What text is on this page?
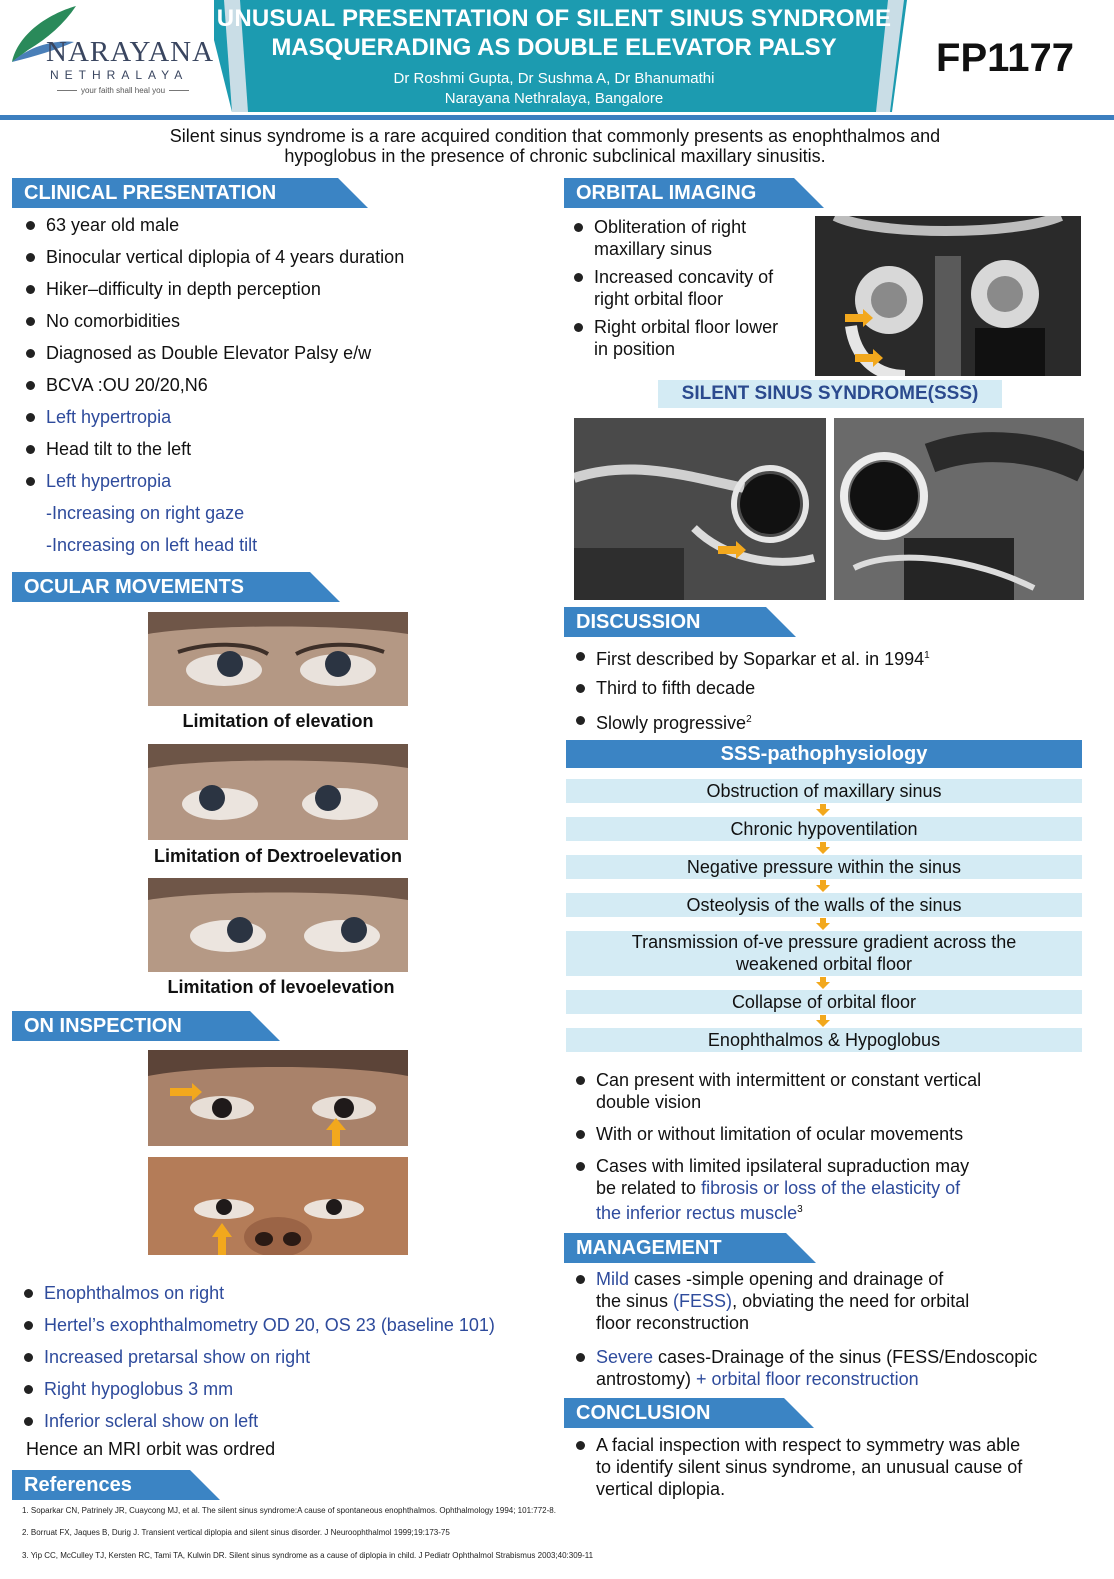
NARAYANA
NETHRALAYA
your faith shall heal you
UNUSUAL PRESENTATION OF SILENT SINUS SYNDROME
MASQUERADING AS DOUBLE ELEVATOR PALSY
Dr Roshmi Gupta, Dr Sushma A, Dr Bhanumathi
Narayana Nethralaya, Bangalore
FP1177
Silent sinus syndrome is a rare acquired condition that commonly presents as enophthalmos and
hypoglobus in the presence of chronic subclinical maxillary sinusitis.
CLINICAL PRESENTATION
63 year old male
Binocular vertical diplopia of 4 years duration
Hiker–difficulty in depth perception
No comorbidities
Diagnosed as Double Elevator Palsy e/w
BCVA :OU 20/20,N6
Left hypertropia
Head tilt to the left
Left hypertropia
-Increasing on right gaze
-Increasing on left head tilt
OCULAR MOVEMENTS
Limitation of elevation
Limitation of Dextroelevation
Limitation of levoelevation
ON INSPECTION
Enophthalmos on right
Hertel’s exophthalmometry OD 20, OS 23 (baseline 101)
Increased pretarsal show on right
Right hypoglobus 3 mm
Inferior scleral show on left
Hence an MRI orbit was ordred
References
1. Soparkar CN, Patrinely JR, Cuaycong MJ, et al. The silent sinus syndrome:A cause of spontaneous enophthalmos. Ophthalmology 1994; 101:772-8.
2. Borruat FX, Jaques B, Durig J. Transient vertical diplopia and silent sinus disorder. J Neuroophthalmol 1999;19:173-75
3. Yip CC, McCulley TJ, Kersten RC, Tami TA, Kulwin DR. Silent sinus syndrome as a cause of diplopia in child. J Pediatr Ophthalmol Strabismus 2003;40:309-11
ORBITAL IMAGING
Obliteration of right
maxillary sinus
Increased concavity of
right orbital floor
Right orbital floor lower
in position
SILENT SINUS SYNDROME(SSS)
DISCUSSION
First described by Soparkar et al. in 1994$^1$
Third to fifth decade
Slowly progressive$^2$
SSS-pathophysiology
Obstruction of maxillary sinus
Chronic hypoventilation
Negative pressure within the sinus
Osteolysis of the walls of the sinus
Transmission of-ve pressure gradient across the
weakened orbital floor
Collapse of orbital floor
Enophthalmos & Hypoglobus
Can present with intermittent or constant vertical
double vision
With or without limitation of ocular movements
Cases with limited ipsilateral supraduction may
be related to fibrosis or loss of the elasticity of
the inferior rectus muscle$^3$
MANAGEMENT
Mild cases -simple opening and drainage of
the sinus (FESS), obviating the need for orbital
floor reconstruction
Severe cases-Drainage of the sinus (FESS/Endoscopic
antrostomy) + orbital floor reconstruction
CONCLUSION
A facial inspection with respect to symmetry was able
to identify silent sinus syndrome, an unusual cause of
vertical diplopia.
